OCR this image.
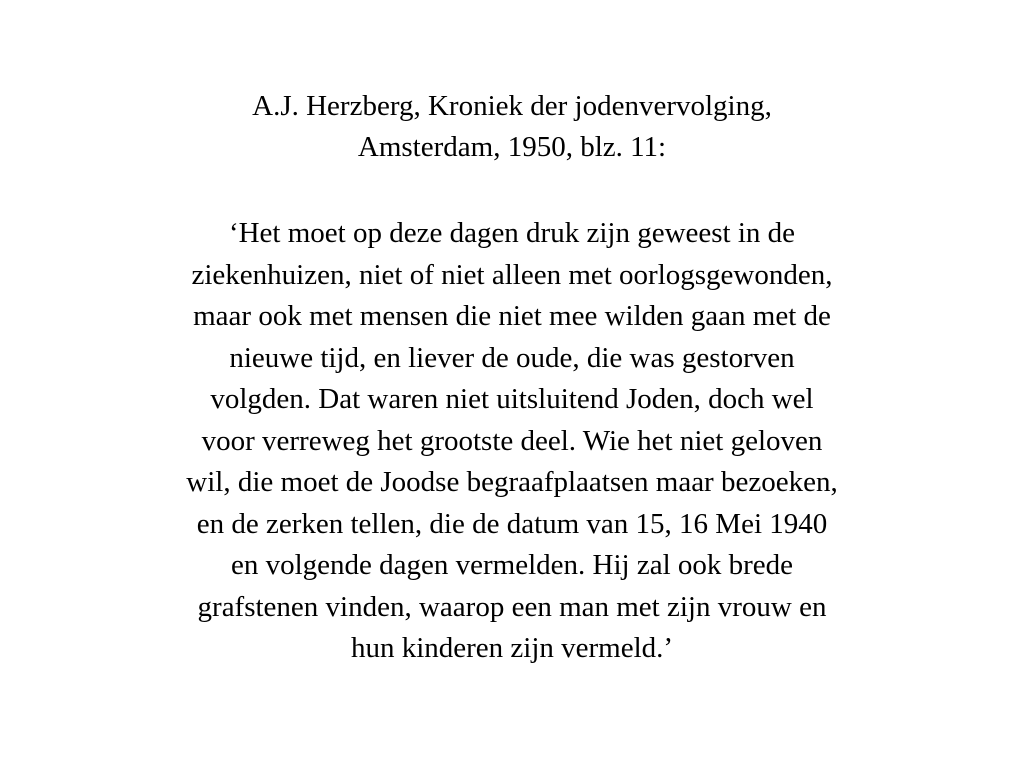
A.J. Herzberg, Kroniek der jodenvervolging,
Amsterdam, 1950, blz. 11:

‘Het moet op deze dagen druk zijn geweest in de
ziekenhuizen, niet of niet alleen met oorlogsgewonden,
maar ook met mensen die niet mee wilden gaan met de
nieuwe tijd, en liever de oude, die was gestorven
volgden. Dat waren niet uitsluitend Joden, doch wel
voor verreweg het grootste deel. Wie het niet geloven
wil, die moet de Joodse begraafplaatsen maar bezoeken,
en de zerken tellen, die de datum van 15, 16 Mei 1940
en volgende dagen vermelden. Hij zal ook brede
grafstenen vinden, waarop een man met zijn vrouw en
hun kinderen zijn vermeld.’
